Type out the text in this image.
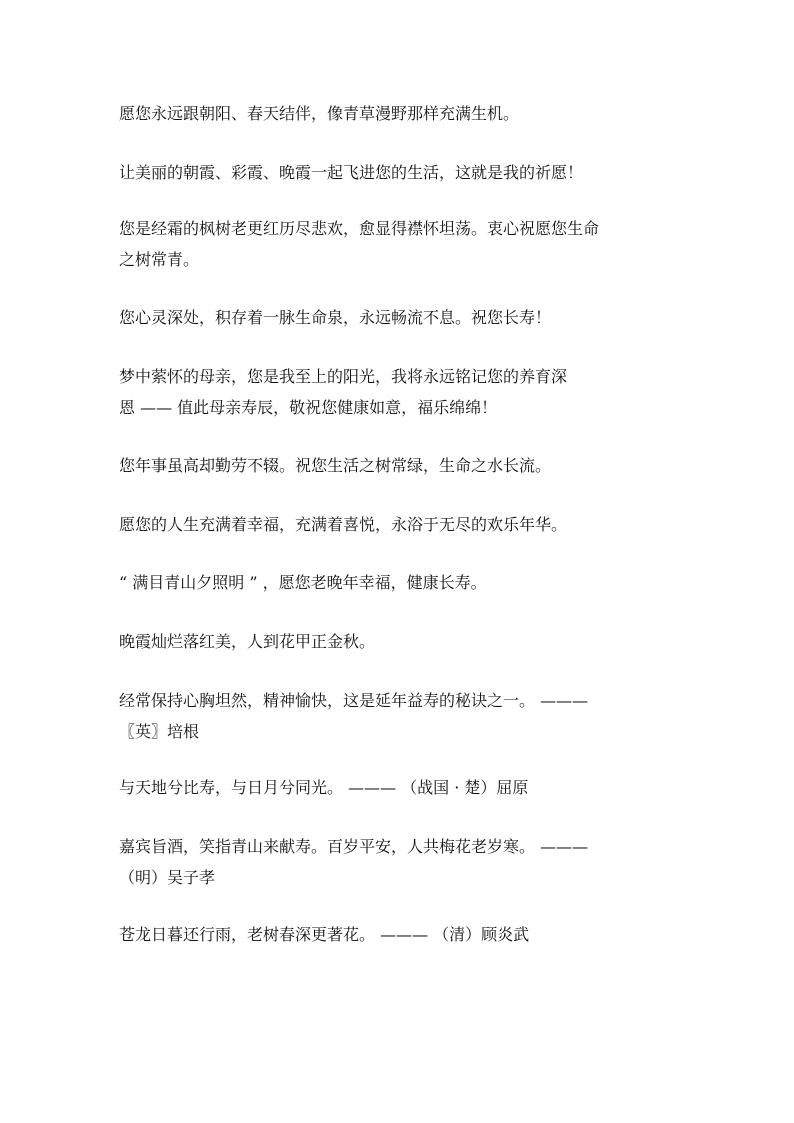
愿您永远跟朝阳、春天结伴，像青草漫野那样充满生机。

让美丽的朝霞、彩霞、晚霞一起飞进您的生活，这就是我的祈愿！

您是经霜的枫树老更红历尽悲欢，愈显得襟怀坦荡。衷心祝愿您生命
之树常青。

您心灵深处，积存着一脉生命泉，永远畅流不息。祝您长寿！

梦中萦怀的母亲，您是我至上的阳光，我将永远铭记您的养育深
恩 —— 值此母亲寿辰，敬祝您健康如意，福乐绵绵！

您年事虽高却勤劳不辍。祝您生活之树常绿，生命之水长流。

愿您的人生充满着幸福，充满着喜悦，永浴于无尽的欢乐年华。

“ 满目青山夕照明 ” ，愿您老晚年幸福，健康长寿。

晚霞灿烂落红美，人到花甲正金秋。

经常保持心胸坦然，精神愉快，这是延年益寿的秘诀之一。 ———
〖英〗培根

与天地兮比寿，与日月兮同光。 ——— （战国 · 楚）屈原

嘉宾旨酒，笑指青山来献寿。百岁平安，人共梅花老岁寒。 ———
（明）吴子孝

苍龙日暮还行雨，老树春深更著花。 ——— （清）顾炎武
